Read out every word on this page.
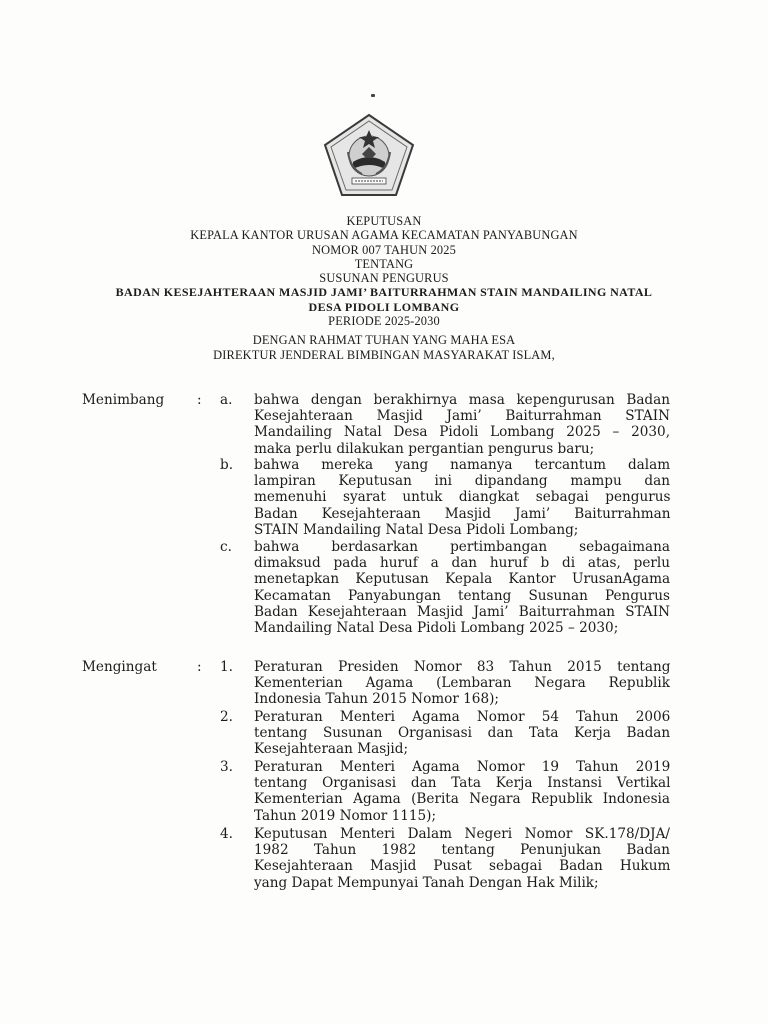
KEPUTUSAN
KEPALA KANTOR URUSAN AGAMA KECAMATAN PANYABUNGAN
NOMOR 007 TAHUN 2025
TENTANG
SUSUNAN PENGURUS
BADAN KESEJAHTERAAN MASJID JAMI’ BAITURRAHMAN STAIN MANDAILING NATAL
DESA PIDOLI LOMBANG
PERIODE 2025-2030
DENGAN RAHMAT TUHAN YANG MAHA ESA
DIREKTUR JENDERAL BIMBINGAN MASYARAKAT ISLAM,
Menimbang : a. bahwa dengan berakhirnya masa kepengurusan Badan
Kesejahteraan Masjid Jami’ Baiturrahman STAIN
Mandailing Natal Desa Pidoli Lombang 2025 – 2030,
maka perlu dilakukan pergantian pengurus baru;
b. bahwa mereka yang namanya tercantum dalam
lampiran Keputusan ini dipandang mampu dan
memenuhi syarat untuk diangkat sebagai pengurus
Badan Kesejahteraan Masjid Jami’ Baiturrahman
STAIN Mandailing Natal Desa Pidoli Lombang;
c. bahwa berdasarkan pertimbangan sebagaimana
dimaksud pada huruf a dan huruf b di atas, perlu
menetapkan Keputusan Kepala Kantor UrusanAgama
Kecamatan Panyabungan tentang Susunan Pengurus
Badan Kesejahteraan Masjid Jami’ Baiturrahman STAIN
Mandailing Natal Desa Pidoli Lombang 2025 – 2030;
Mengingat	: 1. Peraturan Presiden Nomor 83 Tahun 2015 tentang
Kementerian Agama (Lembaran Negara Republik
Indonesia Tahun 2015 Nomor 168);
2. Peraturan Menteri Agama Nomor 54 Tahun 2006
tentang Susunan Organisasi dan Tata Kerja Badan
Kesejahteraan Masjid;
3. Peraturan Menteri Agama Nomor 19 Tahun 2019
tentang Organisasi dan Tata Kerja Instansi Vertikal
Kementerian Agama (Berita Negara Republik Indonesia
Tahun 2019 Nomor 1115);
4. Keputusan Menteri Dalam Negeri Nomor SK.178/DJA/
1982 Tahun 1982 tentang Penunjukan Badan
Kesejahteraan Masjid Pusat sebagai Badan Hukum
yang Dapat Mempunyai Tanah Dengan Hak Milik;
